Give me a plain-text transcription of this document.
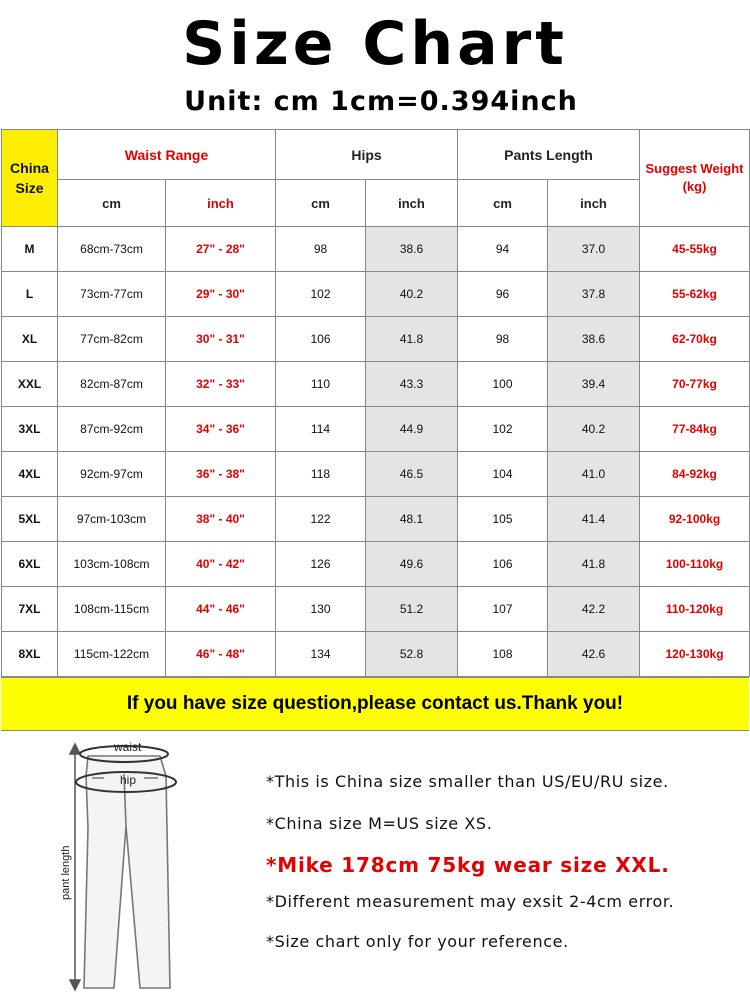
Size Chart
Unit: cm 1cm=0.394inch
China Size	Waist Range		Hips		Pants Length		Suggest Weight (kg)
	cm	inch	cm	inch	cm	inch	
M	68cm-73cm	27" - 28"	98	38.6	94	37.0	45-55kg
L	73cm-77cm	29" - 30"	102	40.2	96	37.8	55-62kg
XL	77cm-82cm	30" - 31"	106	41.8	98	38.6	62-70kg
XXL	82cm-87cm	32" - 33"	110	43.3	100	39.4	70-77kg
3XL	87cm-92cm	34" - 36"	114	44.9	102	40.2	77-84kg
4XL	92cm-97cm	36" - 38"	118	46.5	104	41.0	84-92kg
5XL	97cm-103cm	38" - 40"	122	48.1	105	41.4	92-100kg
6XL	103cm-108cm	40" - 42"	126	49.6	106	41.8	100-110kg
7XL	108cm-115cm	44" - 46"	130	51.2	107	42.2	110-120kg
8XL	115cm-122cm	46" - 48"	134	52.8	108	42.6	120-130kg
If you have size question,please contact us.Thank you!
waist
hip
pant length
*This is China size smaller than US/EU/RU size.
*China size M=US size XS.
*Mike 178cm 75kg wear size XXL.
*Different measurement may exsit 2-4cm error.
*Size chart only for your reference.
